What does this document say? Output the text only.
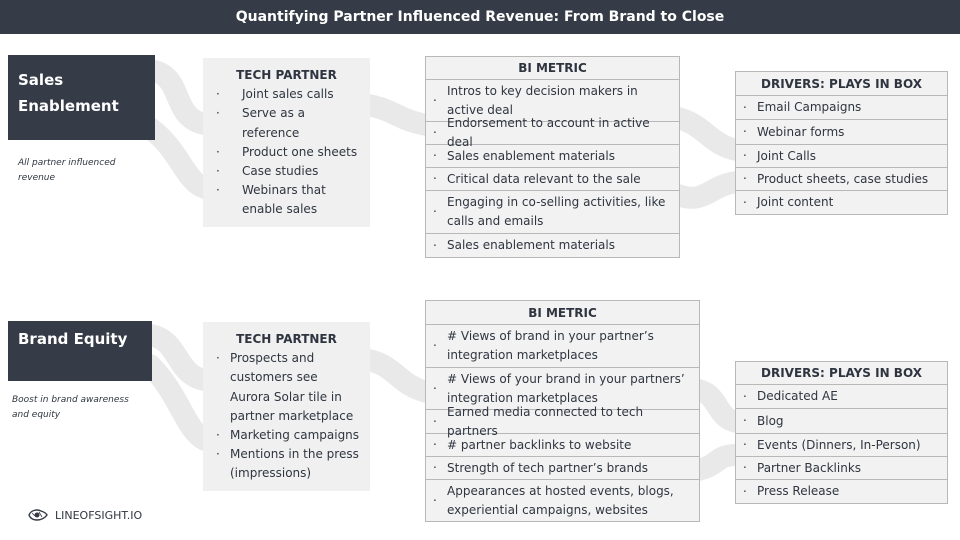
Quantifying Partner Influenced Revenue: From Brand to Close
Sales Enablement
All partner influenced revenue
TECH PARTNER
· Joint sales calls
· Serve as a reference
· Product one sheets
· Case studies
· Webinars that enable sales
BI METRIC
· Intros to key decision makers in active deal
· Endorsement to account in active deal
· Sales enablement materials
· Critical data relevant to the sale
· Engaging in co-selling activities, like calls and emails
· Sales enablement materials
DRIVERS: PLAYS IN BOX
· Email Campaigns
· Webinar forms
· Joint Calls
· Product sheets, case studies
· Joint content
Brand Equity
Boost in brand awareness and equity
TECH PARTNER
· Prospects and customers see Aurora Solar tile in partner marketplace
· Marketing campaigns
· Mentions in the press (impressions)
BI METRIC
· # Views of brand in your partner’s integration marketplaces
· # Views of your brand in your partners’ integration marketplaces
· Earned media connected to tech partners
· # partner backlinks to website
· Strength of tech partner’s brands
· Appearances at hosted events, blogs, experiential campaigns, websites
DRIVERS: PLAYS IN BOX
· Dedicated AE
· Blog
· Events (Dinners, In-Person)
· Partner Backlinks
· Press Release
LINEOFSIGHT.IO
